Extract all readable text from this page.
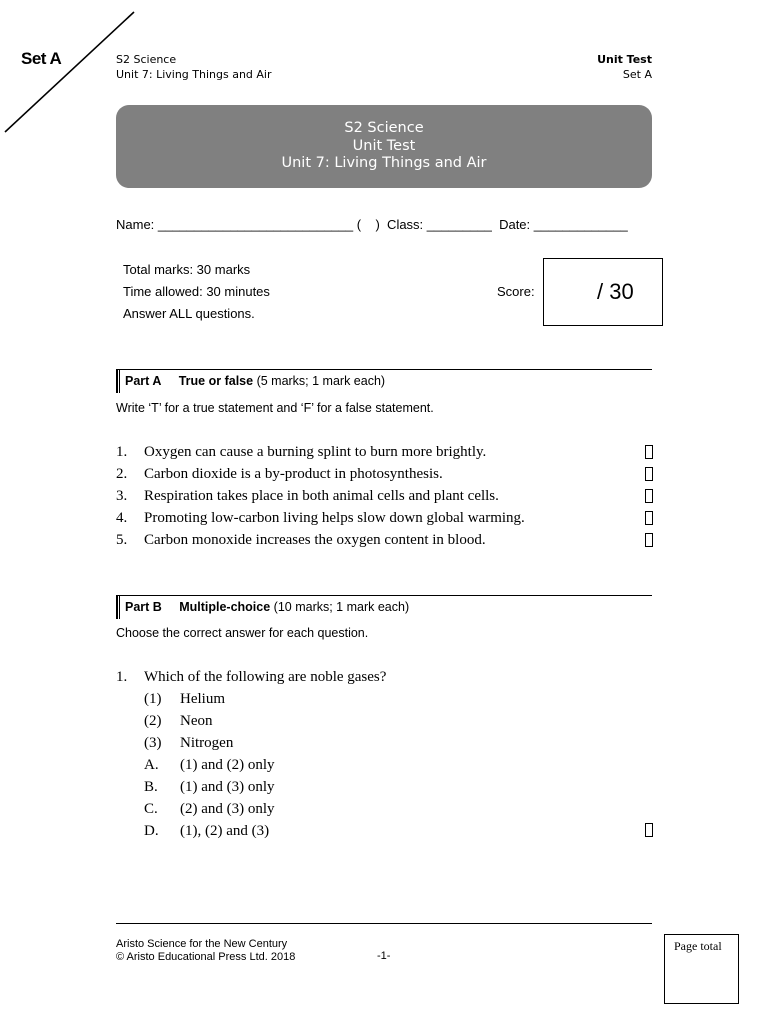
Set A	S2 Science
Unit 7: Living Things and Air
Unit Test
Set A
S2 Science
Unit Test
Unit 7: Living Things and Air
Name: ___________________________ (    )  Class: _________  Date: _____________
Total marks: 30 marks
Time allowed: 30 minutes
Answer ALL questions.
Score:	/ 30
Part A True or false (5 marks; 1 mark each)
Write ‘T’ for a true statement and ‘F’ for a false statement.
1. Oxygen can cause a burning splint to burn more brightly.
2. Carbon dioxide is a by-product in photosynthesis.
3. Respiration takes place in both animal cells and plant cells.
4. Promoting low-carbon living helps slow down global warming.
5. Carbon monoxide increases the oxygen content in blood.
Part B Multiple-choice (10 marks; 1 mark each)
Choose the correct answer for each question.
1. Which of the following are noble gases?
(1) Helium
(2) Neon
(3) Nitrogen
A. (1) and (2) only
B. (1) and (3) only
C. (2) and (3) only
D. (1), (2) and (3)
Aristo Science for the New Century
© Aristo Educational Press Ltd. 2018	-1-
Page total
